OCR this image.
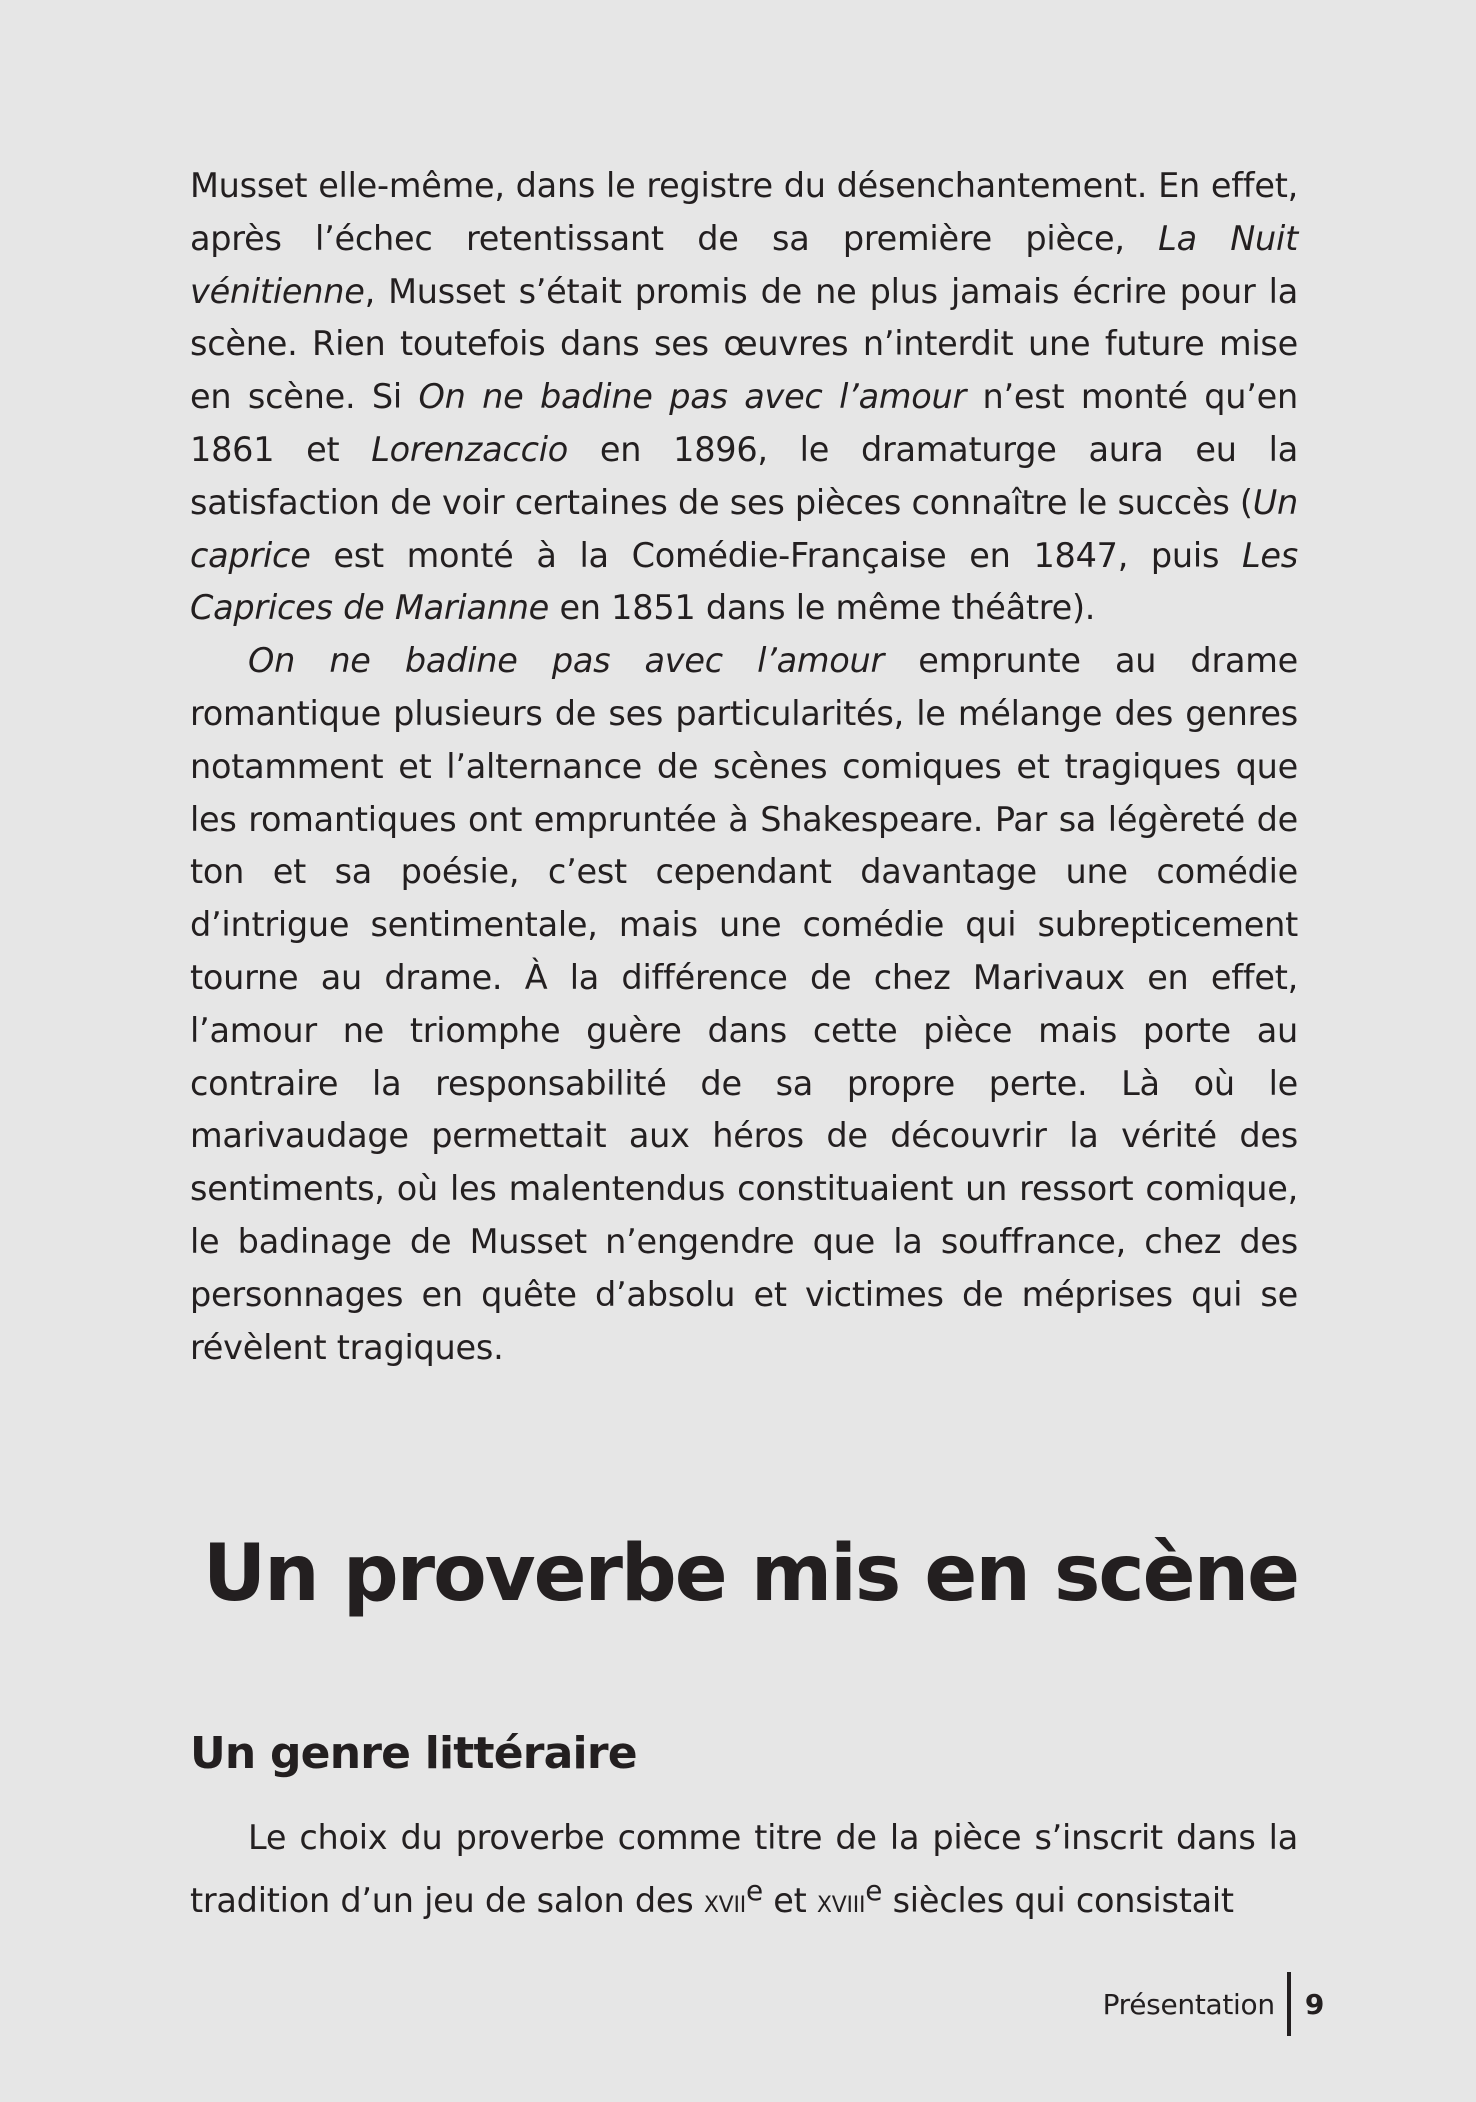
Musset elle-même, dans le registre du désenchantement. En effet, après l’échec retentissant de sa première pièce, La Nuit vénitienne, Musset s’était promis de ne plus jamais écrire pour la scène. Rien toutefois dans ses œuvres n’interdit une future mise en scène. Si On ne badine pas avec l’amour n’est monté qu’en 1861 et Lorenzaccio en 1896, le dramaturge aura eu la satisfaction de voir certaines de ses pièces connaître le succès (Un caprice est monté à la Comédie-Française en 1847, puis Les Caprices de Marianne en 1851 dans le même théâtre).

On ne badine pas avec l’amour emprunte au drame romantique plusieurs de ses particularités, le mélange des genres notamment et l’alternance de scènes comiques et tragiques que les romantiques ont empruntée à Shakespeare. Par sa légèreté de ton et sa poésie, c’est cependant davantage une comédie d’intrigue sentimentale, mais une comédie qui subrepticement tourne au drame. À la différence de chez Marivaux en effet, l’amour ne triomphe guère dans cette pièce mais porte au contraire la responsabilité de sa propre perte. Là où le marivaudage permettait aux héros de découvrir la vérité des sentiments, où les malentendus constituaient un ressort comique, le badinage de Musset n’engendre que la souffrance, chez des personnages en quête d’absolu et victimes de méprises qui se révèlent tragiques.

Un proverbe mis en scène
Un genre littéraire

Le choix du proverbe comme titre de la pièce s’inscrit dans la tradition d’un jeu de salon des xvii$^e$ et xviii$^e$ siècles qui consistait

Présentation	9
